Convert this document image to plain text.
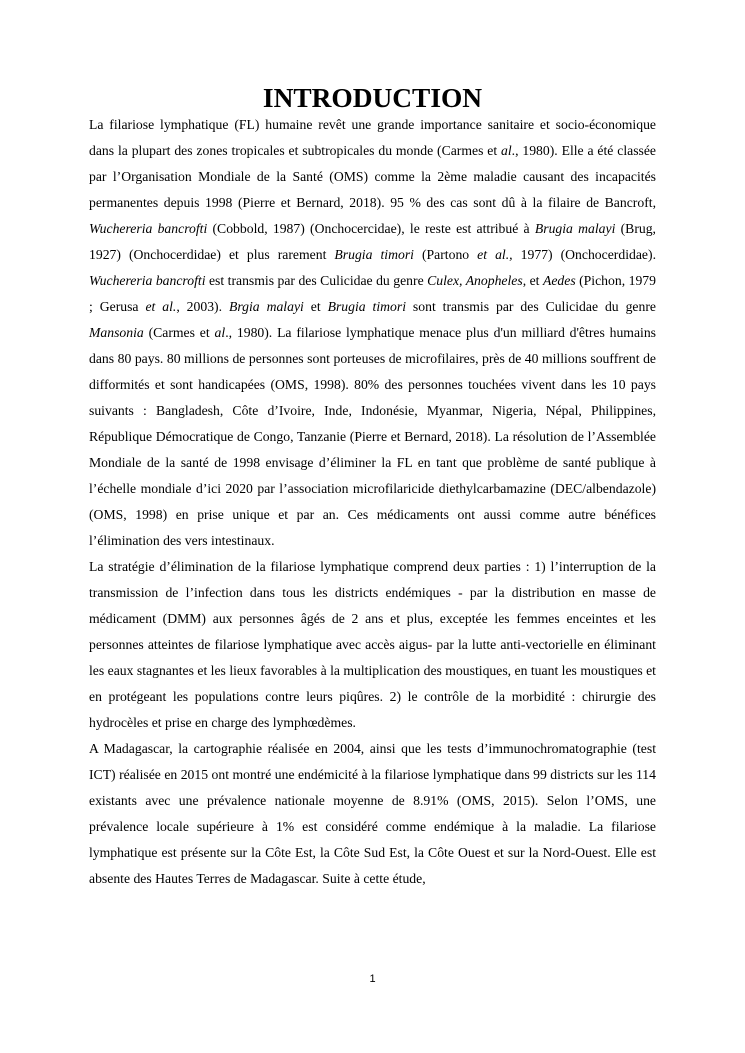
INTRODUCTION

La filariose lymphatique (FL) humaine revêt une grande importance sanitaire et socio-économique dans la plupart des zones tropicales et subtropicales du monde (Carmes et al., 1980). Elle a été classée par l’Organisation Mondiale de la Santé (OMS) comme la 2ème maladie causant des incapacités permanentes depuis 1998 (Pierre et Bernard, 2018). 95 % des cas sont dû à la filaire de Bancroft, Wuchereria bancrofti (Cobbold, 1987) (Onchocercidae), le reste est attribué à Brugia malayi (Brug, 1927) (Onchocerdidae) et plus rarement Brugia timori (Partono et al., 1977) (Onchocerdidae). Wuchereria bancrofti est transmis par des Culicidae du genre Culex, Anopheles, et Aedes (Pichon, 1979 ; Gerusa et al., 2003). Brgia malayi et Brugia timori sont transmis par des Culicidae du genre Mansonia (Carmes et al., 1980). La filariose lymphatique menace plus d'un milliard d'êtres humains dans 80 pays. 80 millions de personnes sont porteuses de microfilaires, près de 40 millions souffrent de difformités et sont handicapées (OMS, 1998). 80% des personnes touchées vivent dans les 10 pays suivants : Bangladesh, Côte d’Ivoire, Inde, Indonésie, Myanmar, Nigeria, Népal, Philippines, République Démocratique de Congo, Tanzanie (Pierre et Bernard, 2018). La résolution de l’Assemblée Mondiale de la santé de 1998 envisage d’éliminer la FL en tant que problème de santé publique à l’échelle mondiale d’ici 2020 par l’association microfilaricide diethylcarbamazine (DEC/albendazole) (OMS, 1998) en prise unique et par an. Ces médicaments ont aussi comme autre bénéfices l’élimination des vers intestinaux.

La stratégie d’élimination de la filariose lymphatique comprend deux parties : 1) l’interruption de la transmission de l’infection dans tous les districts endémiques - par la distribution en masse de médicament (DMM) aux personnes âgés de 2 ans et plus, exceptée les femmes enceintes et les personnes atteintes de filariose lymphatique avec accès aigus- par la lutte anti-vectorielle en éliminant les eaux stagnantes et les lieux favorables à la multiplication des moustiques, en tuant les moustiques et en protégeant les populations contre leurs piqûres. 2) le contrôle de la morbidité : chirurgie des hydrocèles et prise en charge des lymphœdèmes.

A Madagascar, la cartographie réalisée en 2004, ainsi que les tests d’immunochromatographie (test ICT) réalisée en 2015 ont montré une endémicité à la filariose lymphatique dans 99 districts sur les 114 existants avec une prévalence nationale moyenne de 8.91% (OMS, 2015). Selon l’OMS, une prévalence locale supérieure à 1% est considéré comme endémique à la maladie. La filariose lymphatique est présente sur la Côte Est, la Côte Sud Est, la Côte Ouest et sur la Nord-Ouest. Elle est absente des Hautes Terres de Madagascar. Suite à cette étude,

1
